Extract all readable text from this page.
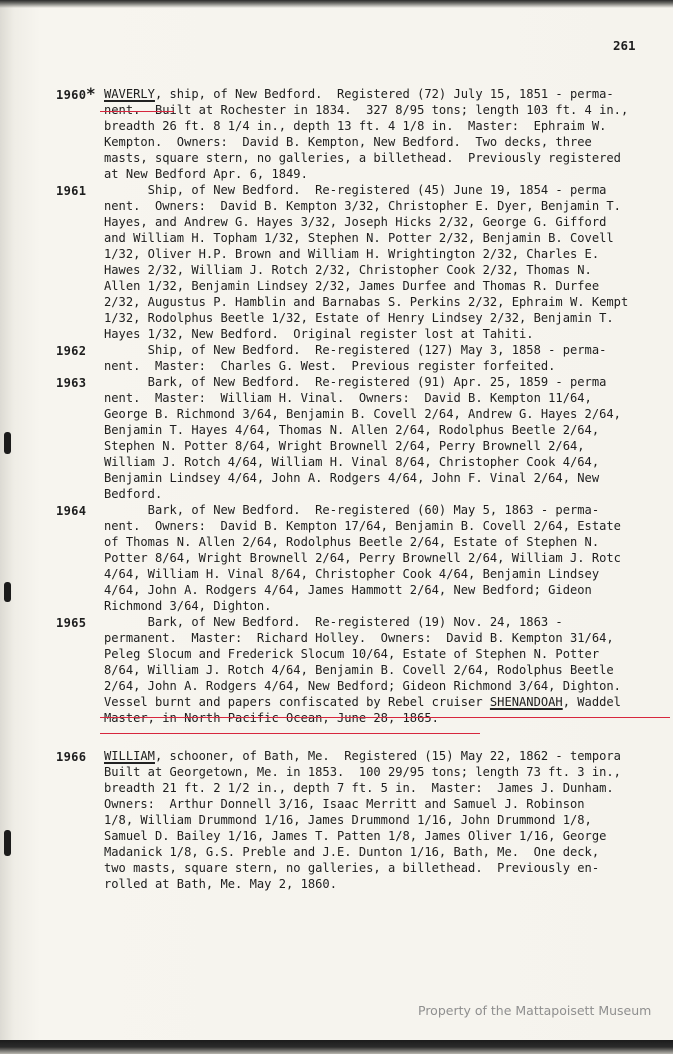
261
1960 * WAVERLY, ship, of New Bedford.  Registered (72) July 15, 1851 - perma-
nent.  Built at Rochester in 1834.  327 8/95 tons; length 103 ft. 4 in.,
breadth 26 ft. 8 1/4 in., depth 13 ft. 4 1/8 in.  Master:  Ephraim W.
Kempton.  Owners:  David B. Kempton, New Bedford.  Two decks, three
masts, square stern, no galleries, a billethead.  Previously registered
at New Bedford Apr. 6, 1849.
1961 Ship, of New Bedford.  Re-registered (45) June 19, 1854 - perma
nent.  Owners:  David B. Kempton 3/32, Christopher E. Dyer, Benjamin T.
Hayes, and Andrew G. Hayes 3/32, Joseph Hicks 2/32, George G. Gifford
and William H. Topham 1/32, Stephen N. Potter 2/32, Benjamin B. Covell
1/32, Oliver H.P. Brown and William H. Wrightington 2/32, Charles E.
Hawes 2/32, William J. Rotch 2/32, Christopher Cook 2/32, Thomas N.
Allen 1/32, Benjamin Lindsey 2/32, James Durfee and Thomas R. Durfee
2/32, Augustus P. Hamblin and Barnabas S. Perkins 2/32, Ephraim W. Kempt
1/32, Rodolphus Beetle 1/32, Estate of Henry Lindsey 2/32, Benjamin T.
Hayes 1/32, New Bedford.  Original register lost at Tahiti.
1962 Ship, of New Bedford.  Re-registered (127) May 3, 1858 - perma-
nent.  Master:  Charles G. West.  Previous register forfeited.
1963 Bark, of New Bedford.  Re-registered (91) Apr. 25, 1859 - perma
nent.  Master:  William H. Vinal.  Owners:  David B. Kempton 11/64,
George B. Richmond 3/64, Benjamin B. Covell 2/64, Andrew G. Hayes 2/64,
Benjamin T. Hayes 4/64, Thomas N. Allen 2/64, Rodolphus Beetle 2/64,
Stephen N. Potter 8/64, Wright Brownell 2/64, Perry Brownell 2/64,
William J. Rotch 4/64, William H. Vinal 8/64, Christopher Cook 4/64,
Benjamin Lindsey 4/64, John A. Rodgers 4/64, John F. Vinal 2/64, New
Bedford.
1964 Bark, of New Bedford.  Re-registered (60) May 5, 1863 - perma-
nent.  Owners:  David B. Kempton 17/64, Benjamin B. Covell 2/64, Estate
of Thomas N. Allen 2/64, Rodolphus Beetle 2/64, Estate of Stephen N.
Potter 8/64, Wright Brownell 2/64, Perry Brownell 2/64, William J. Rotc
4/64, William H. Vinal 8/64, Christopher Cook 4/64, Benjamin Lindsey
4/64, John A. Rodgers 4/64, James Hammott 2/64, New Bedford; Gideon
Richmond 3/64, Dighton.
1965 Bark, of New Bedford.  Re-registered (19) Nov. 24, 1863 -
permanent.  Master:  Richard Holley.  Owners:  David B. Kempton 31/64,
Peleg Slocum and Frederick Slocum 10/64, Estate of Stephen N. Potter
8/64, William J. Rotch 4/64, Benjamin B. Covell 2/64, Rodolphus Beetle
2/64, John A. Rodgers 4/64, New Bedford; Gideon Richmond 3/64, Dighton.
Vessel burnt and papers confiscated by Rebel cruiser SHENANDOAH, Waddel
Master, in North Pacific Ocean, June 28, 1865.
1966 WILLIAM, schooner, of Bath, Me.  Registered (15) May 22, 1862 - tempora
Built at Georgetown, Me. in 1853.  100 29/95 tons; length 73 ft. 3 in.,
breadth 21 ft. 2 1/2 in., depth 7 ft. 5 in.  Master:  James J. Dunham.
Owners:  Arthur Donnell 3/16, Isaac Merritt and Samuel J. Robinson
1/8, William Drummond 1/16, James Drummond 1/16, John Drummond 1/8,
Samuel D. Bailey 1/16, James T. Patten 1/8, James Oliver 1/16, George
Madanick 1/8, G.S. Preble and J.E. Dunton 1/16, Bath, Me.  One deck,
two masts, square stern, no galleries, a billethead.  Previously en-
rolled at Bath, Me. May 2, 1860.
Property of the Mattapoisett Museum
